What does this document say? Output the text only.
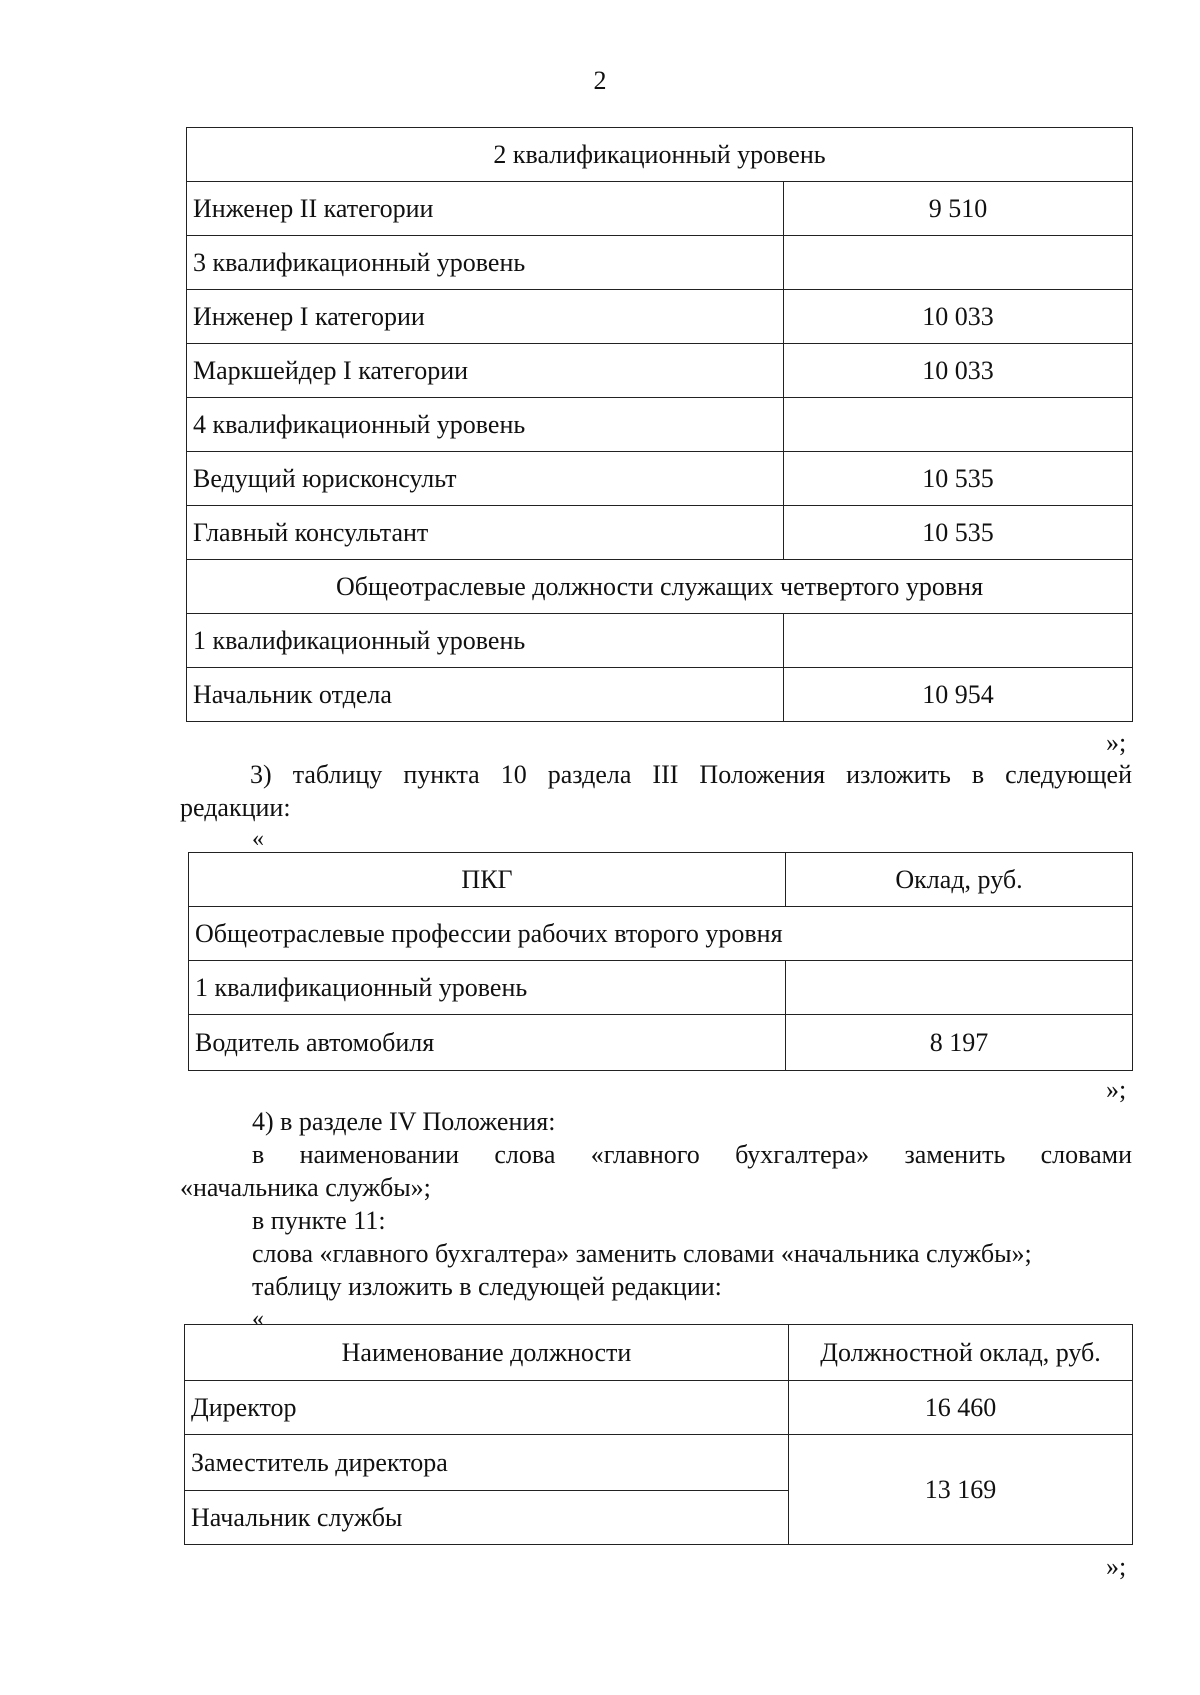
2
2 квалификационный уровень	
Инженер II категории	9 510
3 квалификационный уровень	
Инженер I категории	10 033
Маркшейдер I категории	10 033
4 квалификационный уровень	
Ведущий юрисконсульт	10 535
Главный консультант	10 535
Общеотраслевые должности служащих четвертого уровня	
1 квалификационный уровень	
Начальник отдела	10 954
»;
3) таблицу пункта 10 раздела III Положения изложить в следующей
редакции:
«
ПКГ	Оклад, руб.
Общеотраслевые профессии рабочих второго уровня	
1 квалификационный уровень	
Водитель автомобиля	8 197
»;
4) в разделе IV Положения:
в наименовании слова «главного бухгалтера» заменить словами
«начальника службы»;
в пункте 11:
слова «главного бухгалтера» заменить словами «начальника службы»;
таблицу изложить в следующей редакции:
«
Наименование должности	Должностной оклад, руб.
Директор	16 460
Заместитель директора	13 169
Начальник службы	
»;
